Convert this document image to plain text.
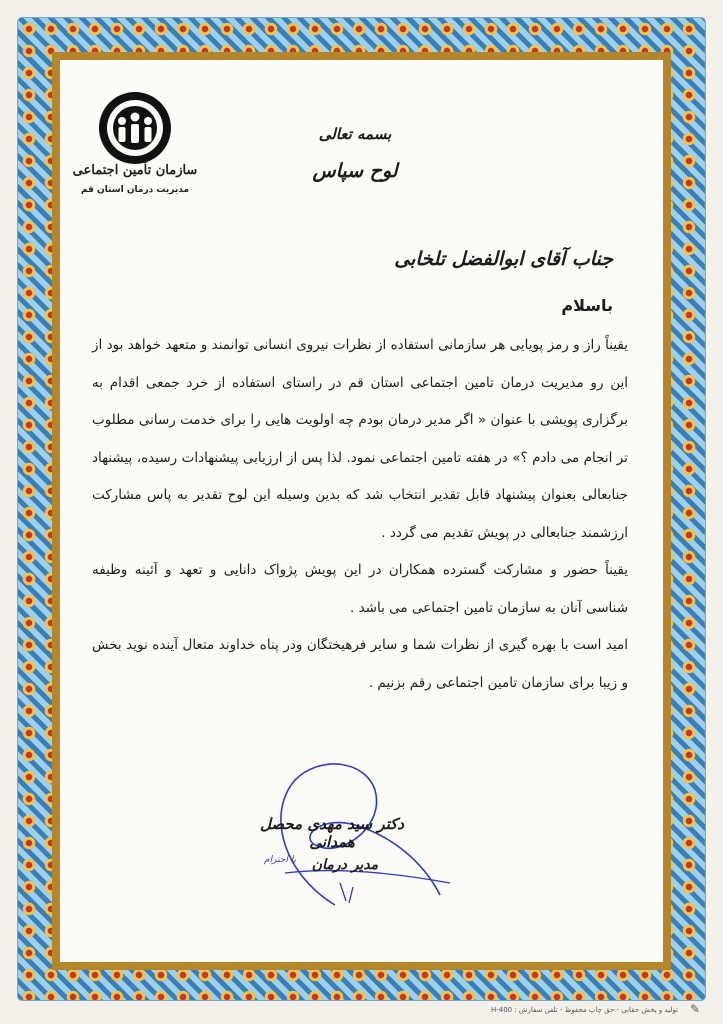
سازمان تأمین اجتماعی
مدیریت درمان استان قم
بسمه تعالی
لوح سپاس
جناب آقای ابوالفضل تلخابی
باسلام

یقیناً راز و رمز پویایی هر سازمانی استفاده از نظرات نیروی انسانی توانمند و متعهد خواهد بود از این رو مدیریت درمان تامین اجتماعی استان قم در راستای استفاده از خرد جمعی اقدام به برگزاری پویشی با عنوان « اگر مدیر درمان بودم چه اولویت هایی را برای خدمت رسانی مطلوب تر انجام می دادم ؟» در هفته تامین اجتماعی نمود. لذا پس از ارزیابی پیشنهادات رسیده، پیشنهاد جنابعالی بعنوان پیشنهاد قابل تقدیر انتخاب شد که بدین وسیله این لوح تقدیر به پاس مشارکت ارزشمند جنابعالی در پویش تقدیم می گردد .

یقیناً حضور و مشارکت گسترده همکاران در این پویش پژواک دانایی و تعهد و آئینه وظیفه شناسی آنان به سازمان تامین اجتماعی می باشد .

امید است با بهره گیری از نظرات شما و سایر فرهیختگان ودر پناه خداوند متعال آینده نوید بخش و زیبا برای سازمان تامین اجتماعی رقم بزنیم .

دکتر سید مهدی محصل همدانی
مدیر درمان
با احترام
تولید و پخش حقانی - حق چاپ محفوظ - تلفن سفارش : H-400 ✎
